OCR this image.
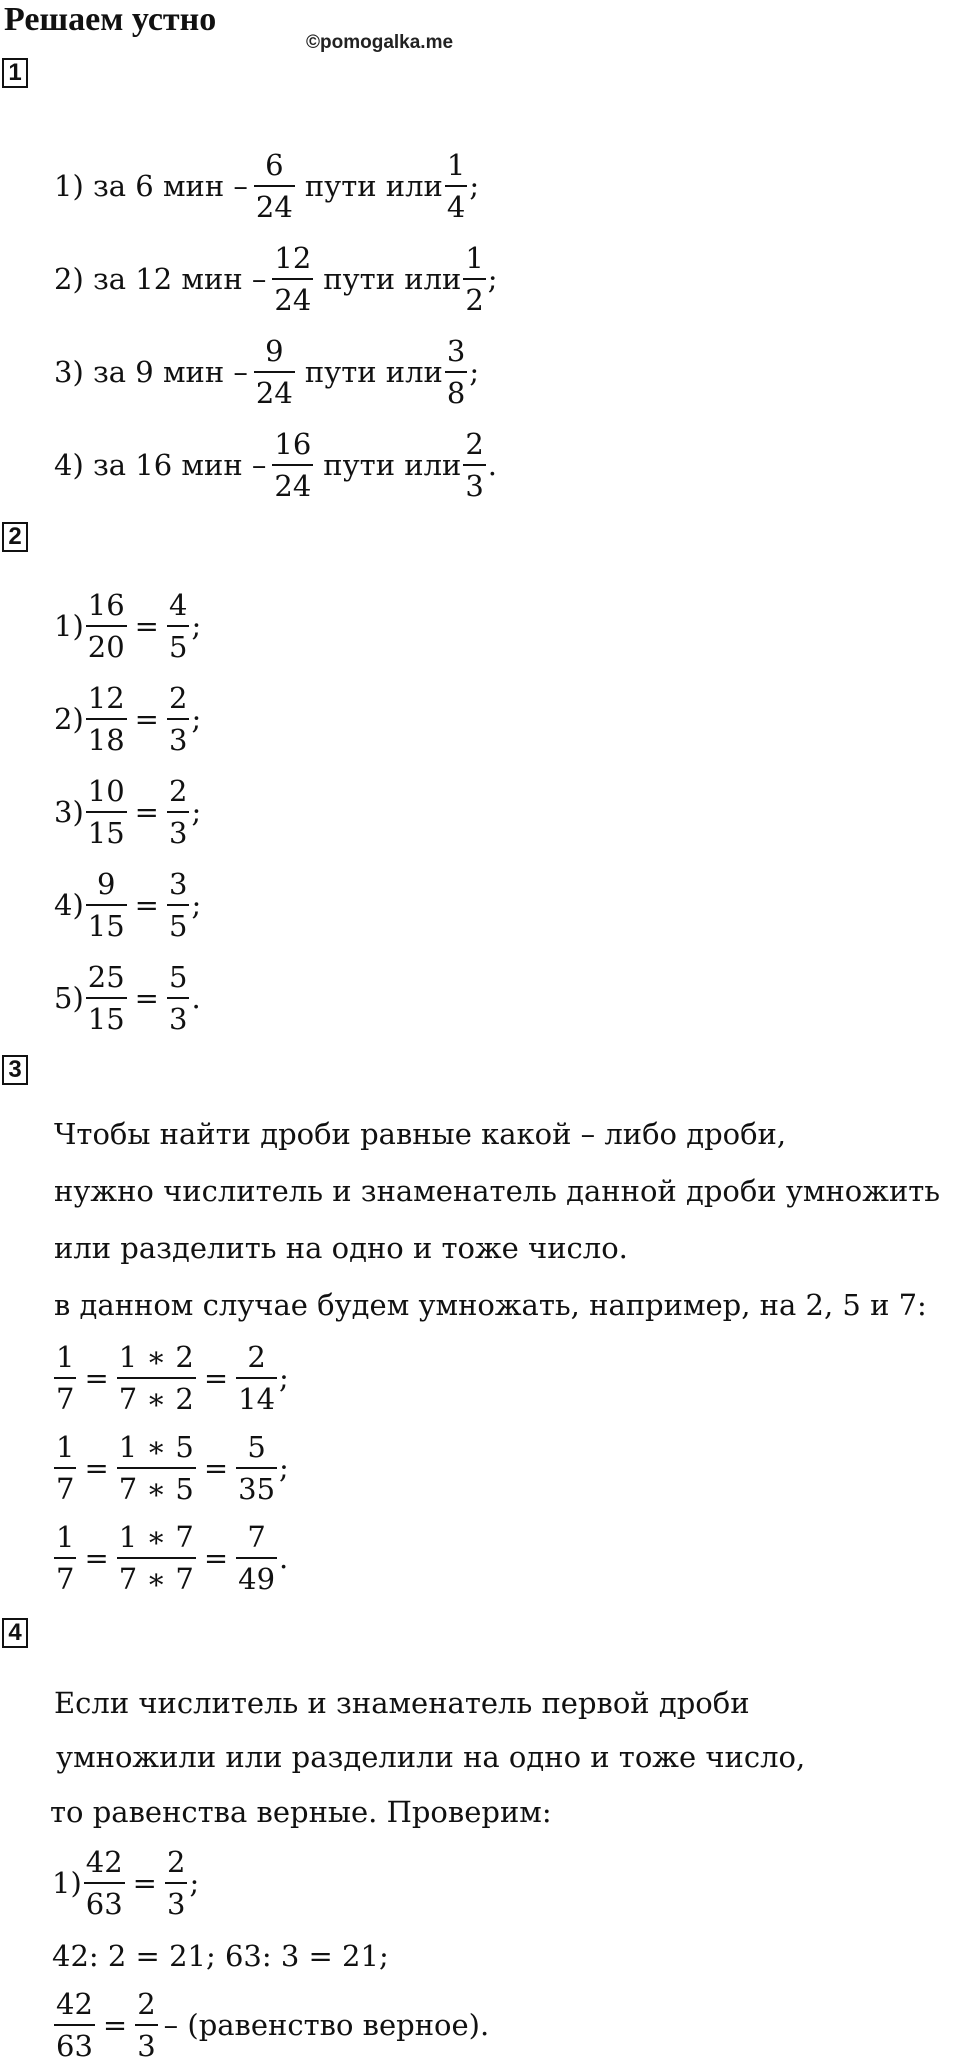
Решаем устно
©pomogalka.me
1
1) за 6 мин – $\frac{6}{24}$ пути или $\frac{1}{4}$ ;
2) за 12 мин – $\frac{12}{24}$ пути или $\frac{1}{2}$ ;
3) за 9 мин – $\frac{9}{24}$ пути или $\frac{3}{8}$ ;
4) за 16 мин – $\frac{16}{24}$ пути или $\frac{2}{3}$ .
2
$1) \frac{16}{20} = \frac{4}{5}$ ;
$2) \frac{12}{18} = \frac{2}{3}$ ;
$3) \frac{10}{15} = \frac{2}{3}$ ;
$4) \frac{9}{15} = \frac{3}{5}$ ;
$5) \frac{25}{15} = \frac{5}{3}$ .
3
Чтобы найти дроби равные какой – либо дроби,
нужно числитель и знаменатель данной дроби умножить
или разделить на одно и тоже число.
в данном случае будем умножать, например, на 2, 5 и 7:
$\frac{1}{7} = \frac{1 ∗ 2}{7 ∗ 2} = \frac{2}{14}$ ;
$\frac{1}{7} = \frac{1 ∗ 5}{7 ∗ 5} = \frac{5}{35}$ ;
$\frac{1}{7} = \frac{1 ∗ 7}{7 ∗ 7} = \frac{7}{49}$ .
4
Если числитель и знаменатель первой дроби
умножили или разделили на одно и тоже число,
то равенства верные. Проверим:
$1) \frac{42}{63} = \frac{2}{3}$ ;
42: 2 = 21; 63: 3 = 21;
$\frac{42}{63} = \frac{2}{3}$ – (равенство верное).
